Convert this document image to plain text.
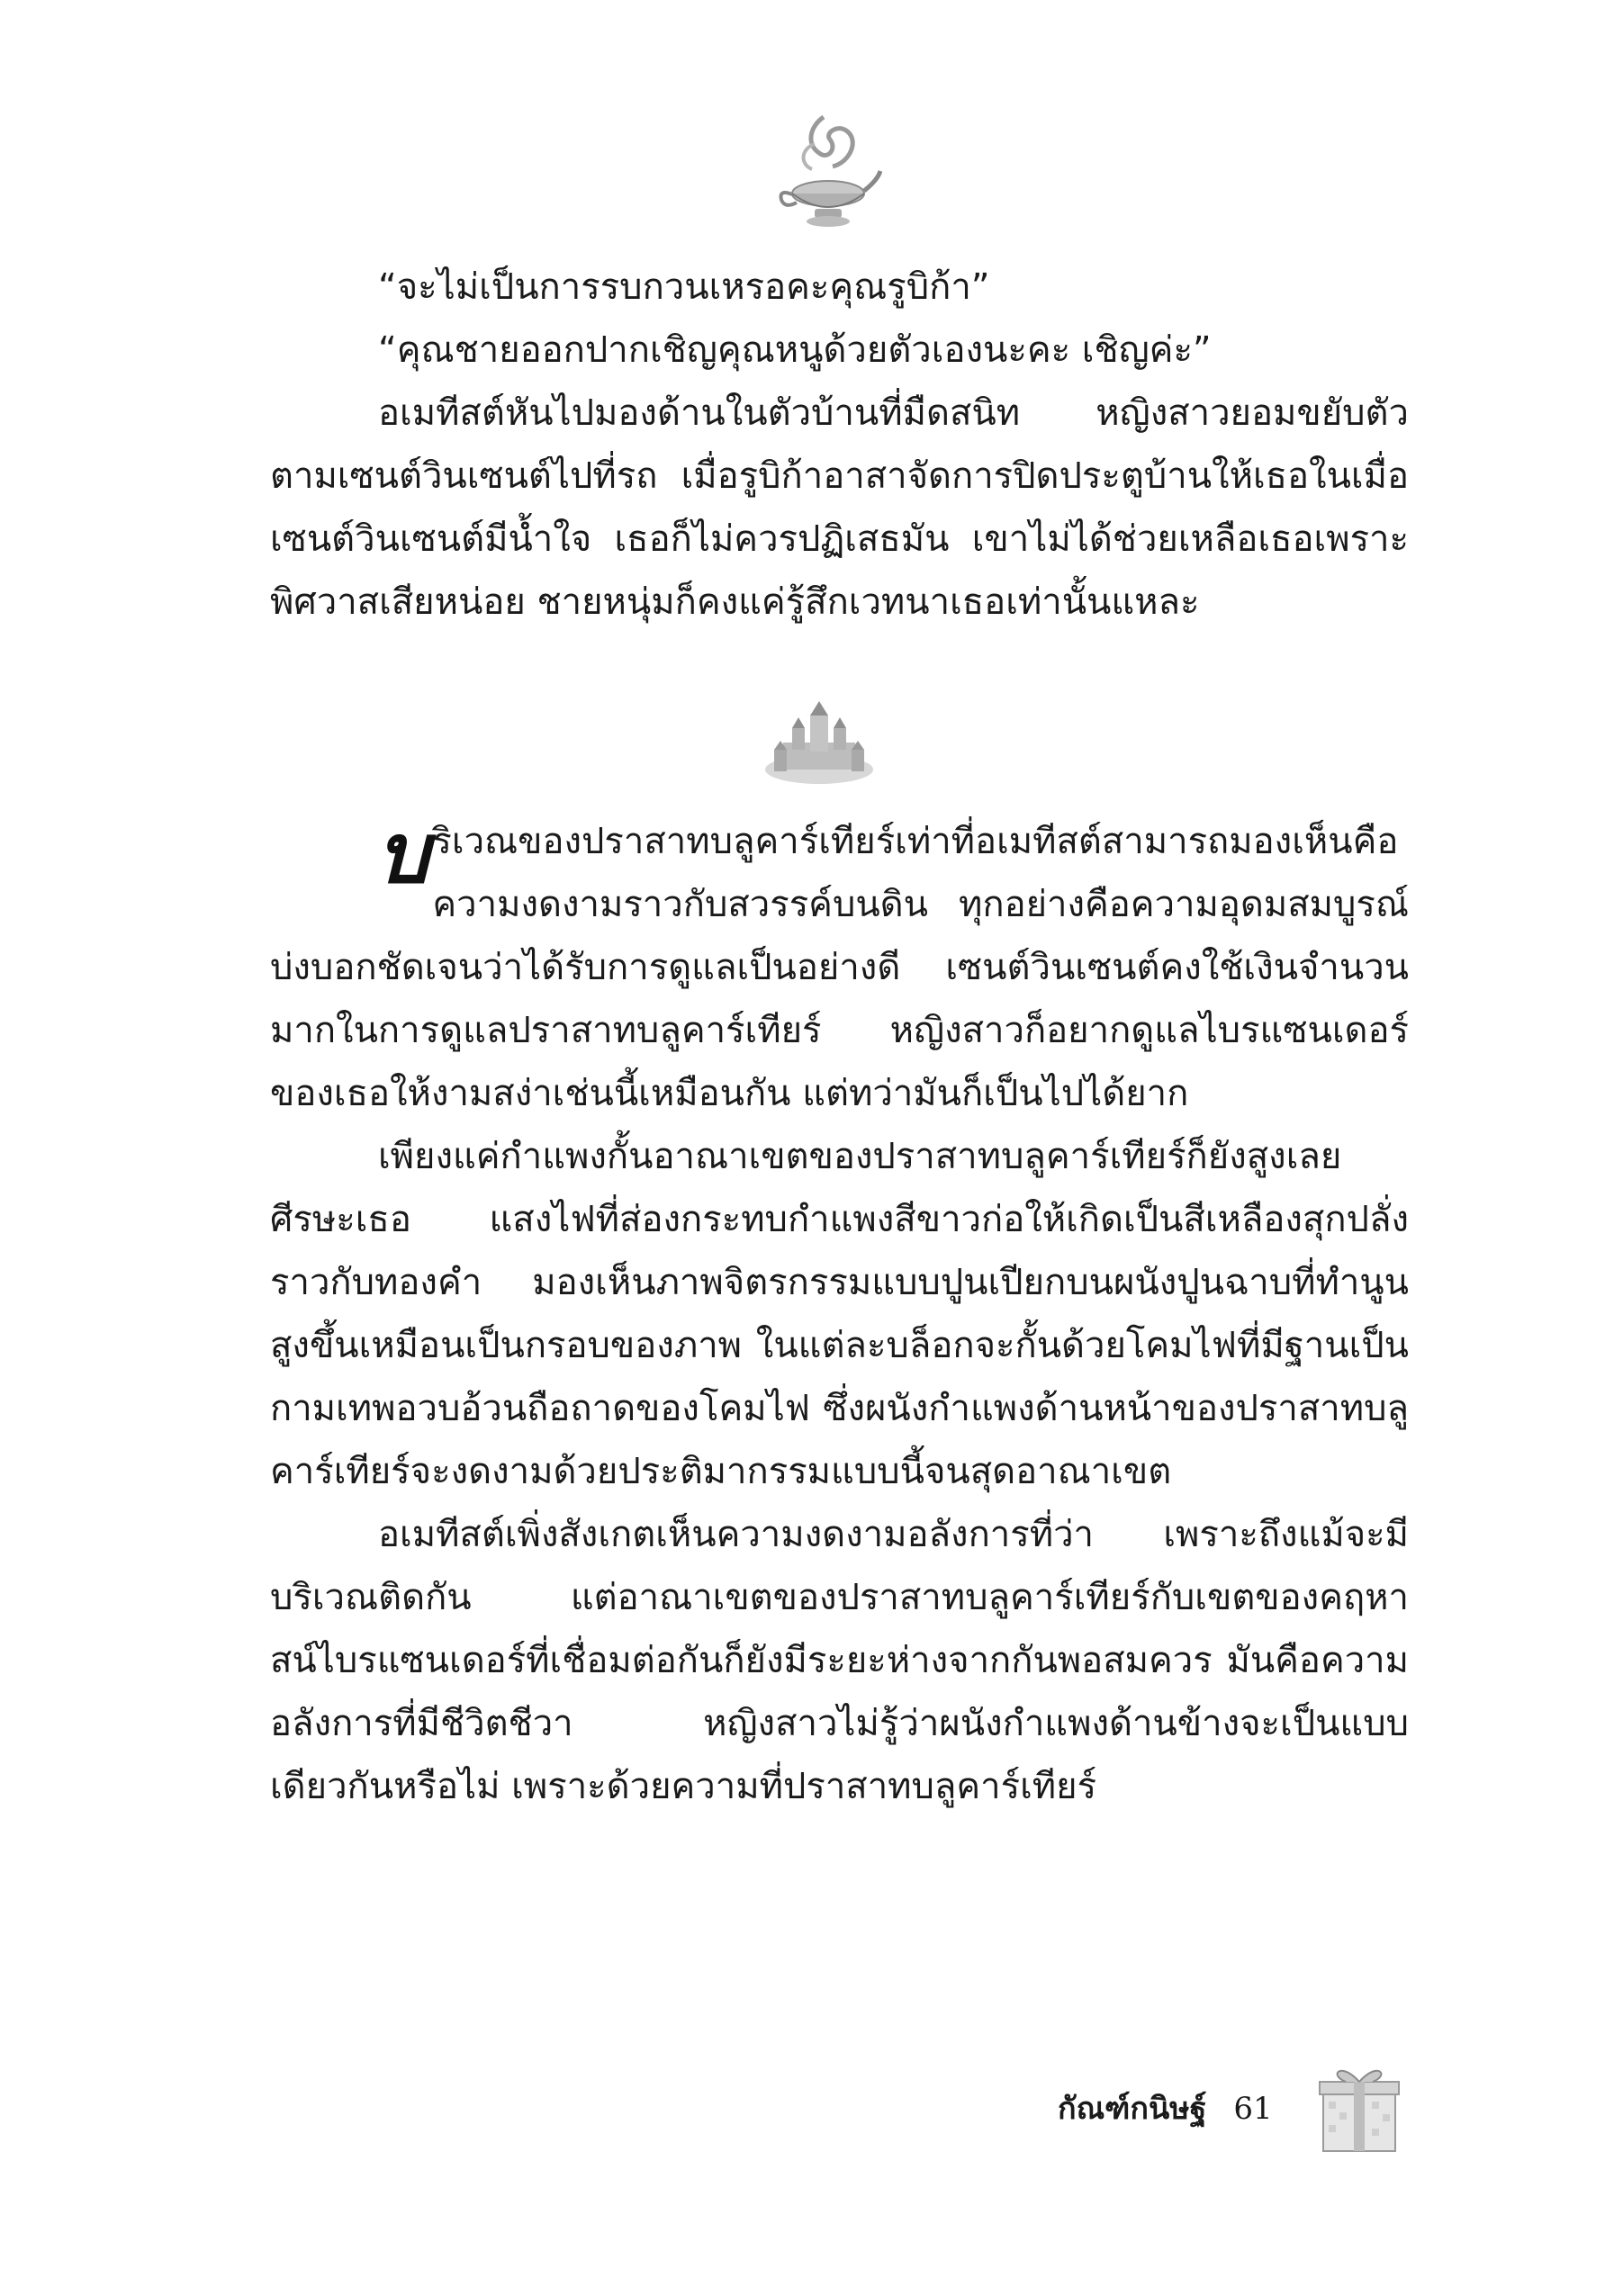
“จะไม่เป็นการรบกวนเหรอคะคุณรูบิก้า”

“คุณชายออกปากเชิญคุณหนูด้วยตัวเองนะคะ เชิญค่ะ”

อเมทีสต์หันไปมองด้านในตัวบ้านที่มืดสนิท หญิงสาวยอมขยับตัวตามเซนต์วินเซนต์ไปที่รถ เมื่อรูบิก้าอาสาจัดการปิดประตูบ้านให้เธอในเมื่อเซนต์วินเซนต์มีน้ำใจ เธอก็ไม่ควรปฏิเสธมัน เขาไม่ได้ช่วยเหลือเธอเพราะพิศวาสเสียหน่อย ชายหนุ่มก็คงแค่รู้สึกเวทนาเธอเท่านั้นแหละ

บริเวณของปราสาทบลูคาร์เทียร์เท่าที่อเมทีสต์สามารถมองเห็นคือความงดงามราวกับสวรรค์บนดิน ทุกอย่างคือความอุดมสมบูรณ์บ่งบอกชัดเจนว่าได้รับการดูแลเป็นอย่างดี เซนต์วินเซนต์คงใช้เงินจำนวนมากในการดูแลปราสาทบลูคาร์เทียร์ หญิงสาวก็อยากดูแลไบรแซนเดอร์ของเธอให้งามสง่าเช่นนี้เหมือนกัน แต่ทว่ามันก็เป็นไปได้ยาก

เพียงแค่กำแพงกั้นอาณาเขตของปราสาทบลูคาร์เทียร์ก็ยังสูงเลยศีรษะเธอ แสงไฟที่ส่องกระทบกำแพงสีขาวก่อให้เกิดเป็นสีเหลืองสุกปลั่งราวกับทองคำ มองเห็นภาพจิตรกรรมแบบปูนเปียกบนผนังปูนฉาบที่ทำนูนสูงขึ้นเหมือนเป็นกรอบของภาพ ในแต่ละบล็อกจะกั้นด้วยโคมไฟที่มีฐานเป็นกามเทพอวบอ้วนถือถาดของโคมไฟ ซึ่งผนังกำแพงด้านหน้าของปราสาทบลูคาร์เทียร์จะงดงามด้วยประติมากรรมแบบนี้จนสุดอาณาเขต

อเมทีสต์เพิ่งสังเกตเห็นความงดงามอลังการที่ว่า เพราะถึงแม้จะมีบริเวณติดกัน แต่อาณาเขตของปราสาทบลูคาร์เทียร์กับเขตของคฤหาสน์ไบรแซนเดอร์ที่เชื่อมต่อกันก็ยังมีระยะห่างจากกันพอสมควร มันคือความอลังการที่มีชีวิตชีวา หญิงสาวไม่รู้ว่าผนังกำแพงด้านข้างจะเป็นแบบเดียวกันหรือไม่ เพราะด้วยความที่ปราสาทบลูคาร์เทียร์

กัณฑ์กนิษฐ์ 61
